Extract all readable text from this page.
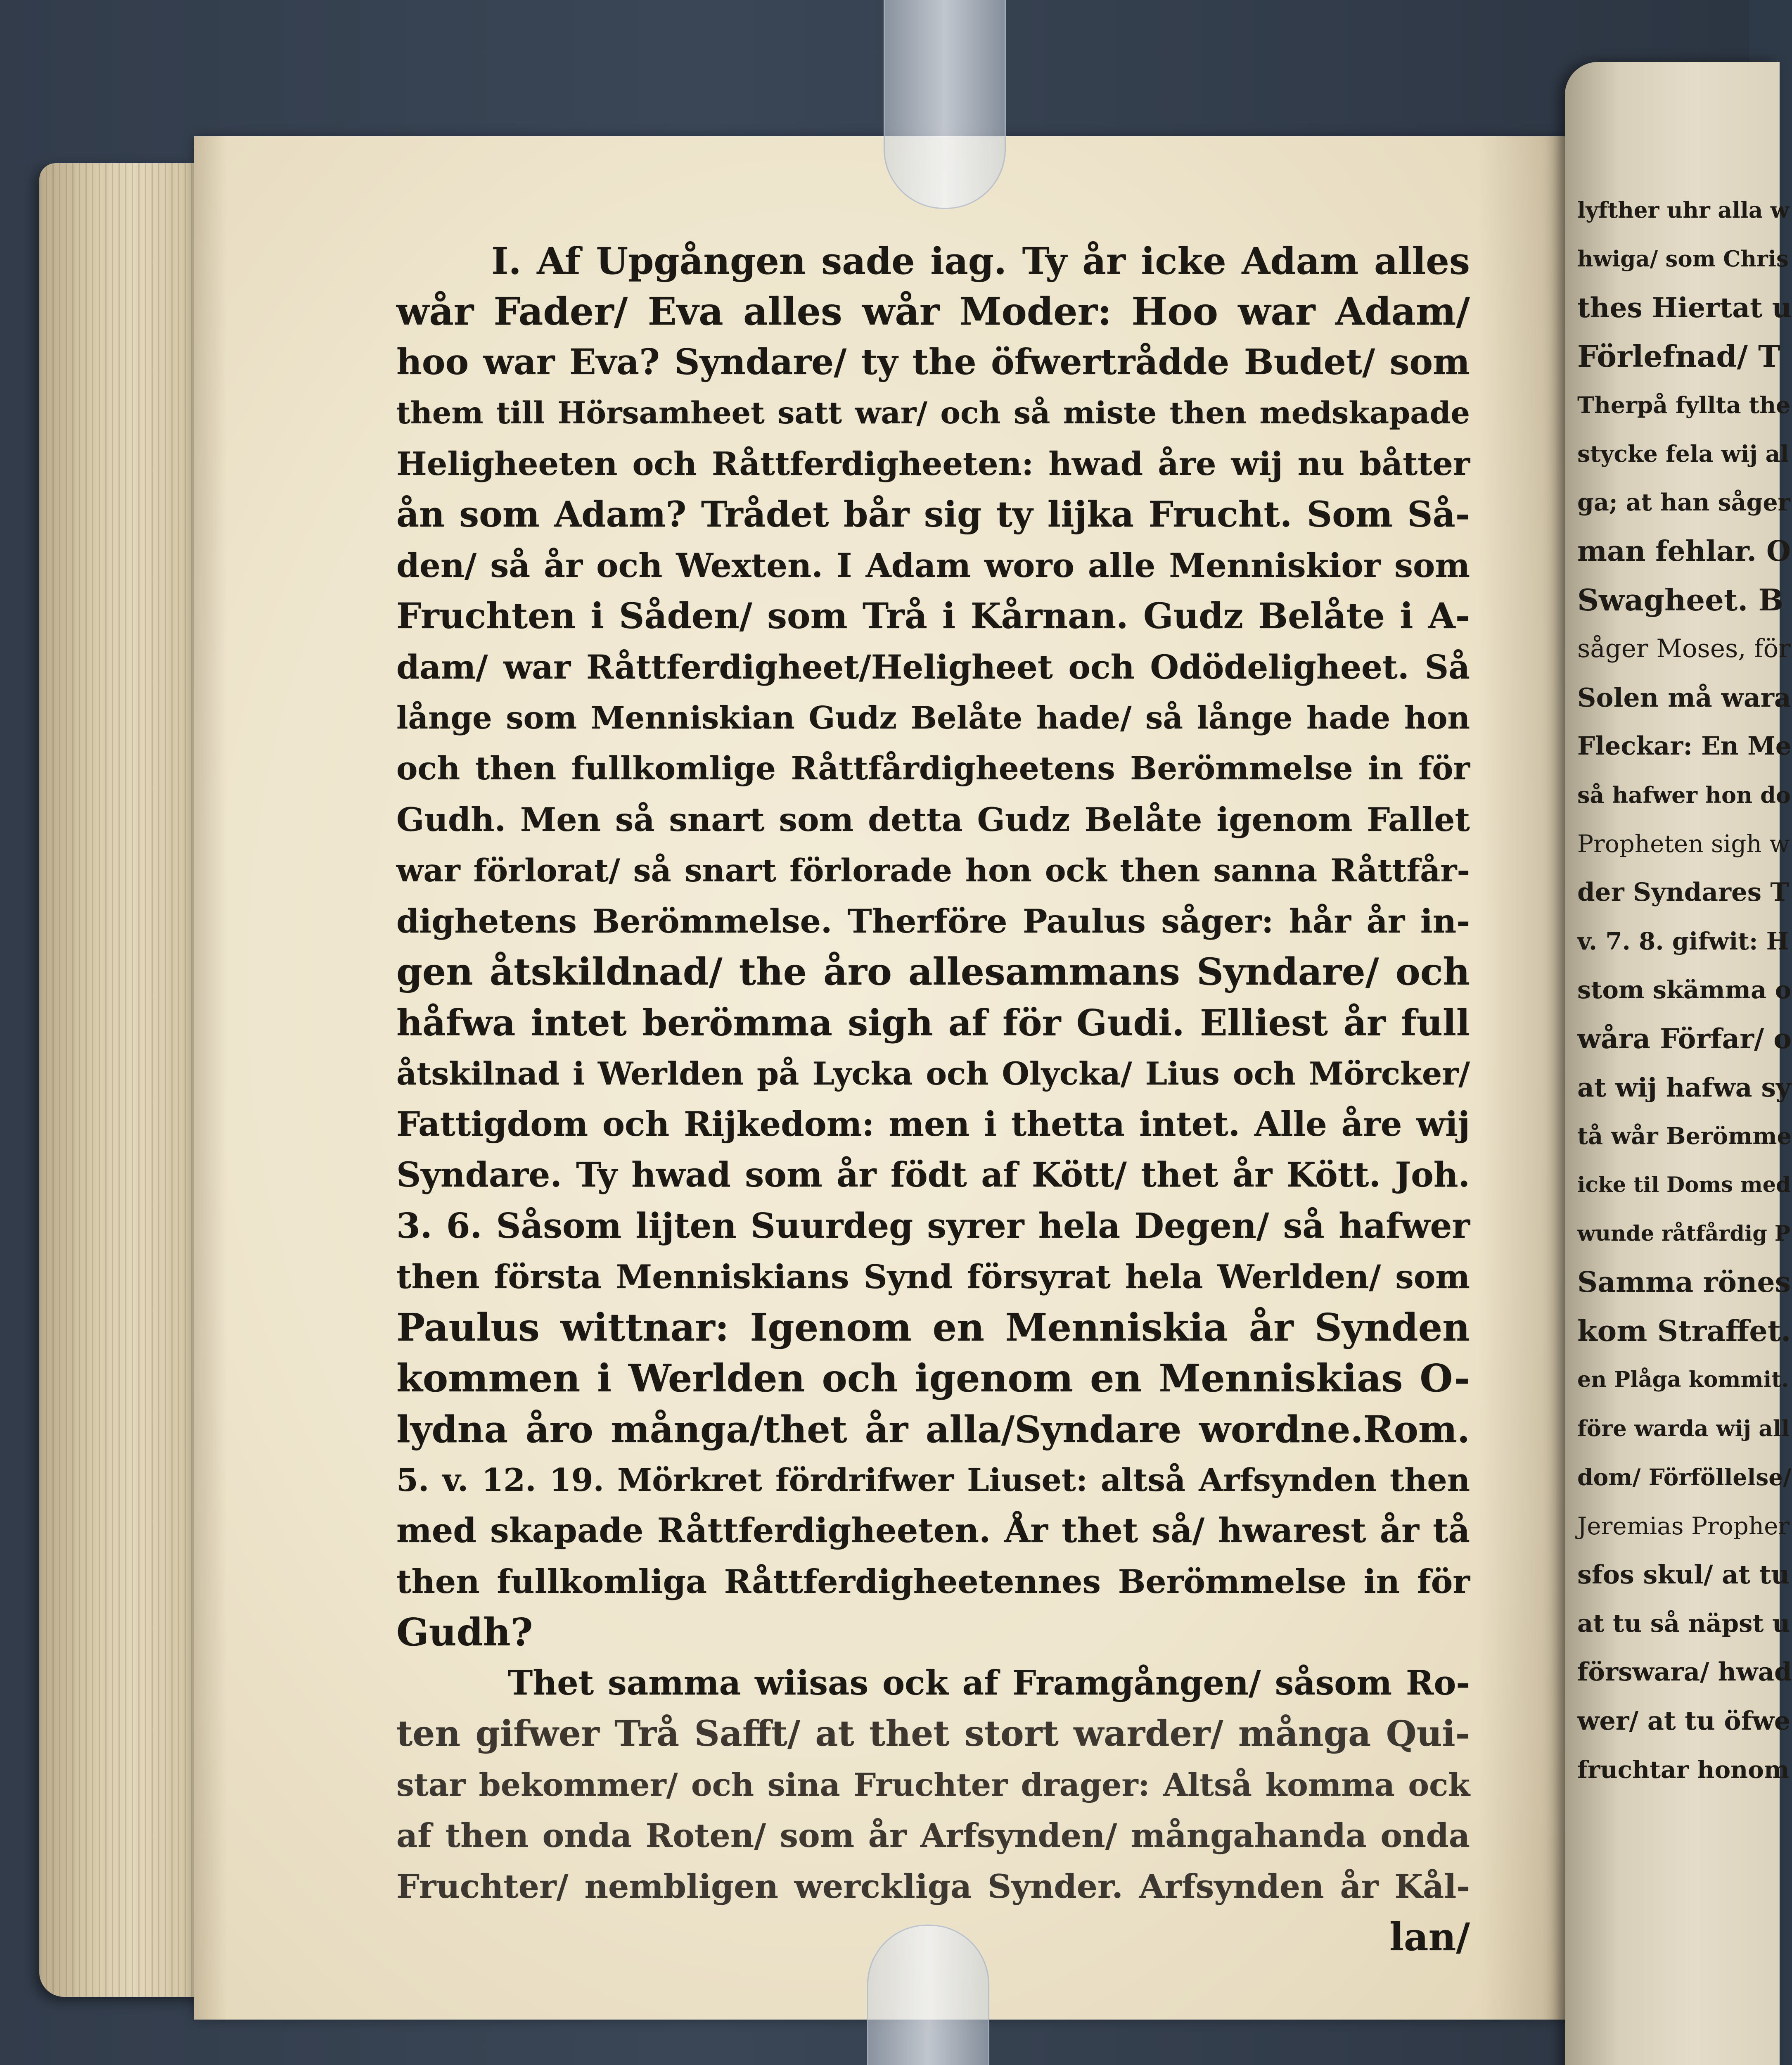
I. Af Upgången sade iag. Ty år icke Adam alles
wår Fader/ Eva alles wår Moder: Hoo war Adam/
hoo war Eva? Syndare/ ty the öfwertrådde Budet/ som
them till Hörsamheet satt war/ och så miste then medskapade
Heligheeten och Råttferdigheeten: hwad åre wij nu båtter
ån som Adam? Trådet bår sig ty lijka Frucht. Som Så-
den/ så år och Wexten. I Adam woro alle Menniskior som
Fruchten i Såden/ som Trå i Kårnan. Gudz Belåte i A-
dam/ war Råttferdigheet/Heligheet och Odödeligheet. Så
långe som Menniskian Gudz Belåte hade/ så långe hade hon
och then fullkomlige Råttfårdigheetens Berömmelse in för
Gudh. Men så snart som detta Gudz Belåte igenom Fallet
war förlorat/ så snart förlorade hon ock then sanna Råttfår-
dighetens Berömmelse. Therföre Paulus såger: hår år in-
gen åtskildnad/ the åro allesammans Syndare/ och
håfwa intet berömma sigh af för Gudi. Elliest år full
åtskilnad i Werlden på Lycka och Olycka/ Lius och Mörcker/
Fattigdom och Rijkedom: men i thetta intet. Alle åre wij
Syndare. Ty hwad som år födt af Kött/ thet år Kött. Joh.
3. 6. Såsom lijten Suurdeg syrer hela Degen/ så hafwer
then första Menniskians Synd försyrat hela Werlden/ som
Paulus wittnar: Igenom en Menniskia år Synden
kommen i Werlden och igenom en Menniskias O-
lydna åro många/thet år alla/Syndare wordne.Rom.
5. v. 12. 19. Mörkret fördrifwer Liuset: altså Arfsynden then
med skapade Råttferdigheeten. År thet så/ hwarest år tå
then fullkomliga Råttferdigheetennes Berömmelse in för
Gudh?
Thet samma wiisas ock af Framgången/ såsom Ro-
ten gifwer Trå Safft/ at thet stort warder/ många Qui-
star bekommer/ och sina Fruchter drager: Altså komma ock
af then onda Roten/ som år Arfsynden/ mångahanda onda
Fruchter/ nembligen werckliga Synder. Arfsynden år Kål-
lan/
lyfther uhr alla w
hwiga/ som Chris
thes Hiertat u
Förlefnad/ T
Therpå fyllta the
stycke fela wij al
ga; at han såger
man fehlar. O
Swagheet. B
såger Moses, för
Solen må wara
Fleckar: En Me
så hafwer hon do
Propheten sigh w
der Syndares T
v. 7. 8. gifwit: H
stom skämma o
wåra Förfar/ o
at wij hafwa sy
tå wår Berömme
icke til Doms med
wunde råtfårdig P
Samma rönes
kom Straffet.
en Plåga kommit.
före warda wij all
dom/ Förföllelse/
Jeremias Propher
sfos skul/ at tu
at tu så näpst u
förswara/ hwad
wer/ at tu öfwe
fruchtar honom
